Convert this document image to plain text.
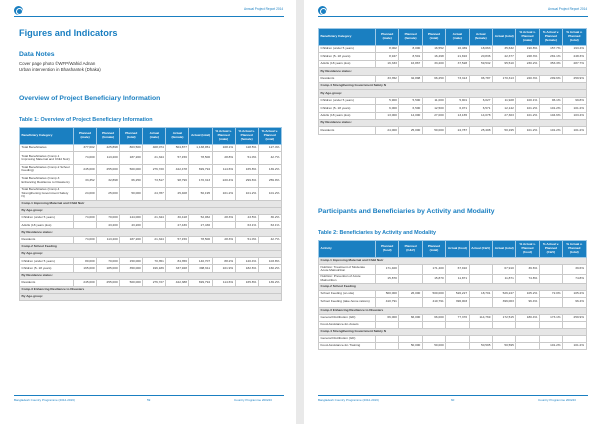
Annual Project Report 2014
Figures and Indicators
Data Notes
Cover page photo ©WFP/Wahid Adnan
Urban intervention in Bhashantek (Dhaka)
Overview of Project Beneficiary Information
Table 1: Overview of Project Beneficiary Information
Beneficiary Category	Planned (male)	Planned (female)	Planned (total)	Actual (male)	Actual (female)	Actual (total)	% Actual v. Planned (male)	% Actual v. Planned (female)	% Actual v. Planned (total)
Total Beneficiaries	377,602	425,898	803,500	408,074	504,877	1,138,951	108.1%	118.5%	127.4%
Total Beneficiaries (Comp.1 Improving Maternal and Child Nutr)	74,000	113,200	187,200	21,344	57,156	78,500	28.8%	51.0%	42.7%
Total Beneficiaries (Comp.2 School Feeding)	245,000	255,000	500,000	276,720	422,478	699,794	114.6%	165.8%	139.2%
Total Beneficiaries (Comp.3 Enhancing Resilience to Disasters)	33,352	32,898	66,250	73,517	98,796	170,313	220.4%	299.6%	259.9%
Total Beneficiaries (Comp.4 Strengthening Government Safety N)	24,000	25,000	50,000	24,787	25,408	50,195	101.2%	101.2%	101.2%
Comp.1 Improving Maternal and Child Nutr									
By Age-group:									
Children (under 5 years)	74,000	70,000	144,000	21,344	30,418	52,062	28.3%	43.5%	36.2%
Adults (18 years plus)		43,200	43,200		27,436	27,436		63.1%	63.1%
By Residence status:									
Residents	74,000	113,200	187,200	21,344	57,156	78,500	28.3%	51.0%	42.7%
Comp.2 School Feeding									
By Age-group:									
Children (under 5 years)	80,000	70,000	150,000	70,351	84,356	140,707	88.2%	120.4%	103.8%
Children (5- 18 years)	165,000	185,000	350,000	196,189	337,928	398,611	101.9%	182.6%	160.2%
By Residence status:									
Residents	245,000	255,000	500,000	276,727	422,388	699,794	114.6%	165.8%	139.2%
Comp.3 Enhancing Resilience to Disasters									
By Age-group:									
Bangladesh Country Programme (2012-2016)	59	Country Programme 200243
Annual Project Report 2014
Beneficiary Category	Planned (male)	Planned (female)	Planned (total)	Actual (male)	Actual (female)	Actual (total)	% Actual v. Planned (male)	% Actual v. Planned (female)	% Actual v. Planned (total)
Children (under 5 years)	8,002	8,000	16,552	16,469	18,063	35,632	190.8%	157.7%	193.4%
Children (5- 18 years)	8,947	8,501	16,498	21,816	20,836	42,377	228.3%	281.1%	248.3%
Adults (18 years plus)	16,333	16,867	33,200	37,528	59,532	95,510	230.2%	353.3%	287.7%
By Residence status:									
Residents	33,352	32,898	66,250	73,313	96,787	170,313	220.3%	299.6%	259.9%
Comp.4 Strengthening Government Safety N									
By Age-group:									
Children (under 5 years)	5,900	5,500	11,000	5,901	6,027	11,928	100.1%	96.1%	99.8%
Children (5- 18 years)	6,000	6,500	12,500	6,071	6,571	12,142	101.2%	101.2%	101.2%
Adults (18 years plus)	13,000	14,000	27,000	13,165	14,078	27,303	101.2%	104.6%	103.4%
By Residence status:									
Residents	24,000	25,000	50,000	24,787	25,408	50,195	101.2%	101.2%	101.2%
Participants and Beneficiaries by Activity and Modality
Table 2: Beneficiaries by Activity and Modality
Activity	Planned (food)	Planned (C&V)	Planned (total)	Actual (food)	Actual (C&V)	Actual (total)	% Actual v. Planned (food)	% Actual v. Planned (C&V)	% Actual v. Planned (total)
Comp.1 Improving Maternal and Child Nutr									
Nutrition: Treatment of Moderate Acute Malnutrition	171,400		171,400	67,910		67,910	39.6%		39.6%
Nutrition: Prevention of Acute Malnutrition	15,870		15,870	11,871		11,871	74.8%		74.8%
Comp.2 School Feeding									
School Feeding (on-site)	500,000	26,000	500,000	526,227	18,701	526,247	105.2%	72.0%	105.2%
School Feeding (take-home rations)	410,791		410,791	396,003		396,003	96.4%		96.4%
Comp.3 Enhancing Resilience to Disasters									
General Distribution (GD)	66,000	66,000	66,000	77,370	114,769	172,515	180.4%	173.1%	259.9%
Food-Assistance-for-Assets									
Comp.4 Strengthening Government Safety N									
General Distribution (GD)									
Food-Assistance-for-Training		50,000	50,000		50,595	50,595		101.2%	101.2%
Bangladesh Country Programme (2012-2016)	60	Country Programme 200243
